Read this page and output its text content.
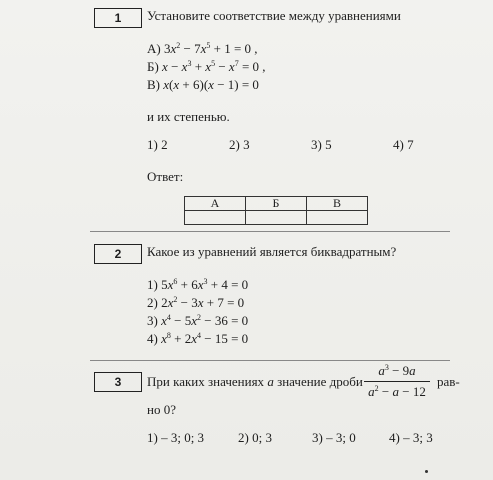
1	Установите соответствие между уравнениями
А) $3x^2 - 7x^5 + 1 = 0$ ,
Б) $x - x^3 + x^5 - x^7 = 0$ ,
В) x(x + 6)(x − 1) = 0
и их степенью.
1) 2	2) 3	3) 5	4) 7
Ответ:
А	Б	В

2	Какое из уравнений является биквадратным?
1) $5x^6 + 6x^3 + 4 = 0$
2) $2x^2 - 3x + 7 = 0$
3) $x^4 - 5x^2 - 36 = 0$
4) $x^8 + 2x^4 - 15 = 0$
3	При каких значениях a значение дроби
$a^3 - 9a$
$a^2 - a - 12$
рав-
но 0?
1) – 3; 0; 3	2) 0; 3	3) – 3; 0	4) – 3; 3
